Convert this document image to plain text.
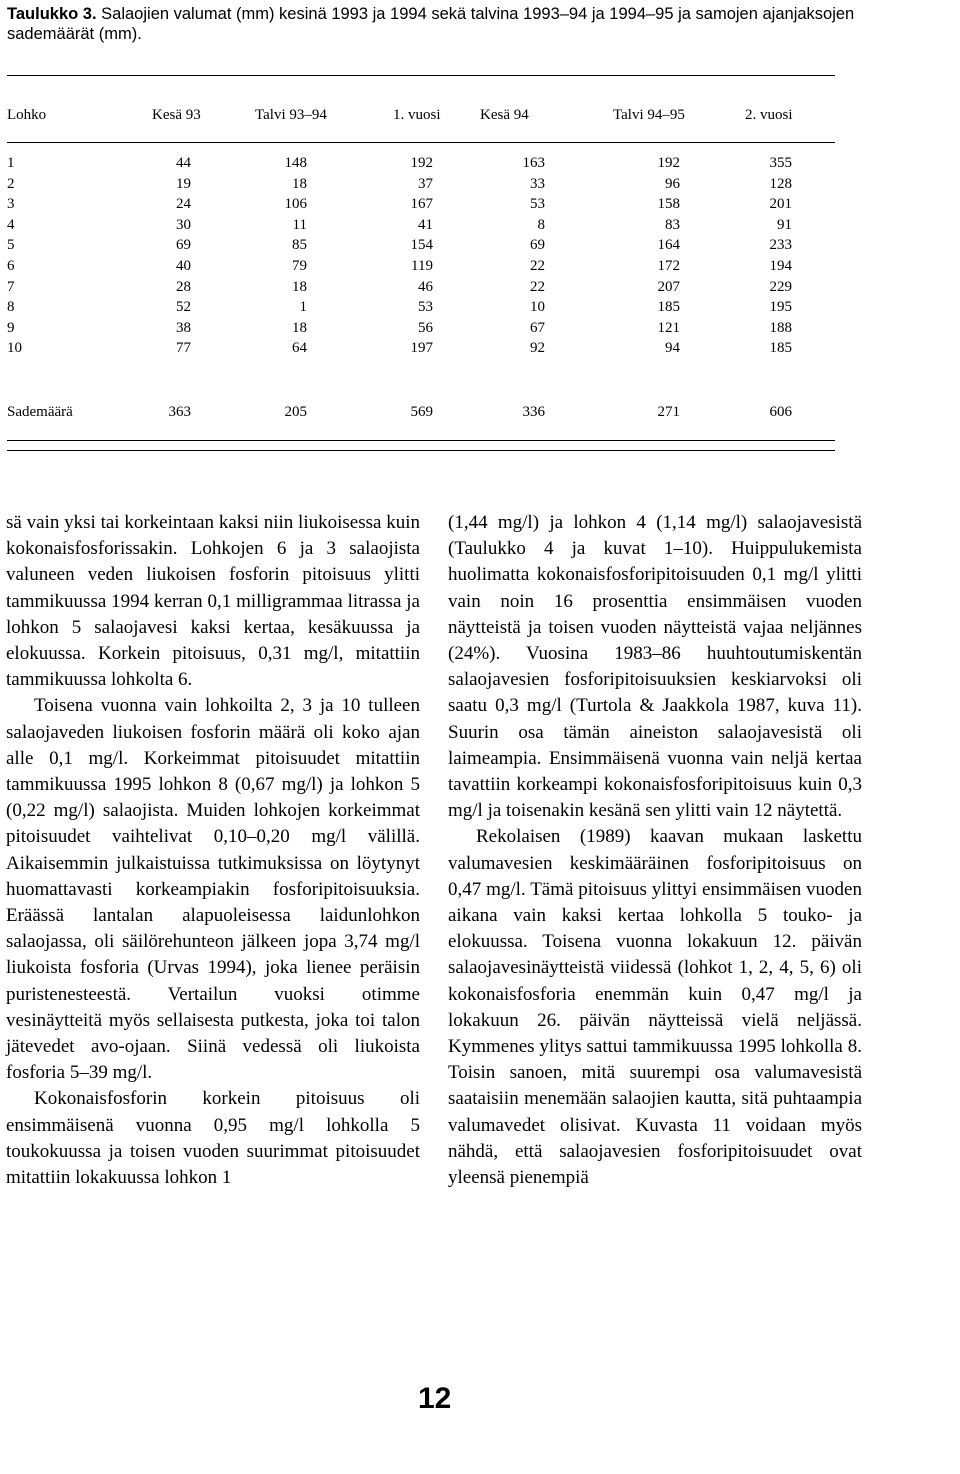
Taulukko 3. Salaojien valumat (mm) kesinä 1993 ja 1994 sekä talvina 1993–94 ja 1994–95 ja samojen ajanjaksojen sademäärät (mm).
Lohko	Kesä 93	Talvi 93–94	1. vuosi	Kesä 94	Talvi 94–95	2. vuosi
1	44	148	192	163	192	355
2	19	18	37	33	96	128
3	24	106	167	53	158	201
4	30	11	41	8	83	91
5	69	85	154	69	164	233
6	40	79	119	22	172	194
7	28	18	46	22	207	229
8	52	1	53	10	185	195
9	38	18	56	67	121	188
10	77	64	197	92	94	185
Sademäärä	363	205	569	336	271	606

sä vain yksi tai korkeintaan kaksi niin liukoisessa kuin kokonaisfosforissakin. Lohkojen 6 ja 3 salaojista valuneen veden liukoisen fosforin pitoisuus ylitti tammikuussa 1994 kerran 0,1 milligrammaa litrassa ja lohkon 5 salaojavesi kaksi kertaa, kesäkuussa ja elokuussa. Korkein pitoisuus, 0,31 mg/l, mitattiin tammikuussa lohkolta 6.

Toisena vuonna vain lohkoilta 2, 3 ja 10 tulleen salaojaveden liukoisen fosforin määrä oli koko ajan alle 0,1 mg/l. Korkeimmat pitoisuudet mitattiin tammikuussa 1995 lohkon 8 (0,67 mg/l) ja lohkon 5 (0,22 mg/l) salaojista. Muiden lohkojen korkeimmat pitoisuudet vaihtelivat 0,10–0,20 mg/l välillä. Aikaisemmin julkaistuissa tutkimuksissa on löytynyt huomattavasti korkeampiakin fosforipitoisuuksia. Eräässä lantalan alapuoleisessa laidunlohkon salaojassa, oli säilörehunteon jälkeen jopa 3,74 mg/l liukoista fosforia (Urvas 1994), joka lienee peräisin puristenesteestä. Vertailun vuoksi otimme vesinäytteitä myös sellaisesta putkesta, joka toi talon jätevedet avo-ojaan. Siinä vedessä oli liukoista fosforia 5–39 mg/l.

Kokonaisfosforin korkein pitoisuus oli ensimmäisenä vuonna 0,95 mg/l lohkolla 5 toukokuussa ja toisen vuoden suurimmat pitoisuudet mitattiin lokakuussa lohkon 1

(1,44 mg/l) ja lohkon 4 (1,14 mg/l) salaojavesistä (Taulukko 4 ja kuvat 1–10). Huippulukemista huolimatta kokonaisfosforipitoisuuden 0,1 mg/l ylitti vain noin 16 prosenttia ensimmäisen vuoden näytteistä ja toisen vuoden näytteistä vajaa neljännes (24%). Vuosina 1983–86 huuhtoutumiskentän salaojavesien fosforipitoisuuksien keskiarvoksi oli saatu 0,3 mg/l (Turtola & Jaakkola 1987, kuva 11). Suurin osa tämän aineiston salaojavesistä oli laimeampia. Ensimmäisenä vuonna vain neljä kertaa tavattiin korkeampi kokonaisfosforipitoisuus kuin 0,3 mg/l ja toisenakin kesänä sen ylitti vain 12 näytettä.

Rekolaisen (1989) kaavan mukaan laskettu valumavesien keskimääräinen fosforipitoisuus on 0,47 mg/l. Tämä pitoisuus ylittyi ensimmäisen vuoden aikana vain kaksi kertaa lohkolla 5 touko- ja elokuussa. Toisena vuonna lokakuun 12. päivän salaojavesinäytteistä viidessä (lohkot 1, 2, 4, 5, 6) oli kokonaisfosforia enemmän kuin 0,47 mg/l ja lokakuun 26. päivän näytteissä vielä neljässä. Kymmenes ylitys sattui tammikuussa 1995 lohkolla 8. Toisin sanoen, mitä suurempi osa valumavesistä saataisiin menemään salaojien kautta, sitä puhtaampia valumavedet olisivat. Kuvasta 11 voidaan myös nähdä, että salaojavesien fosforipitoisuudet ovat yleensä pienempiä

12
